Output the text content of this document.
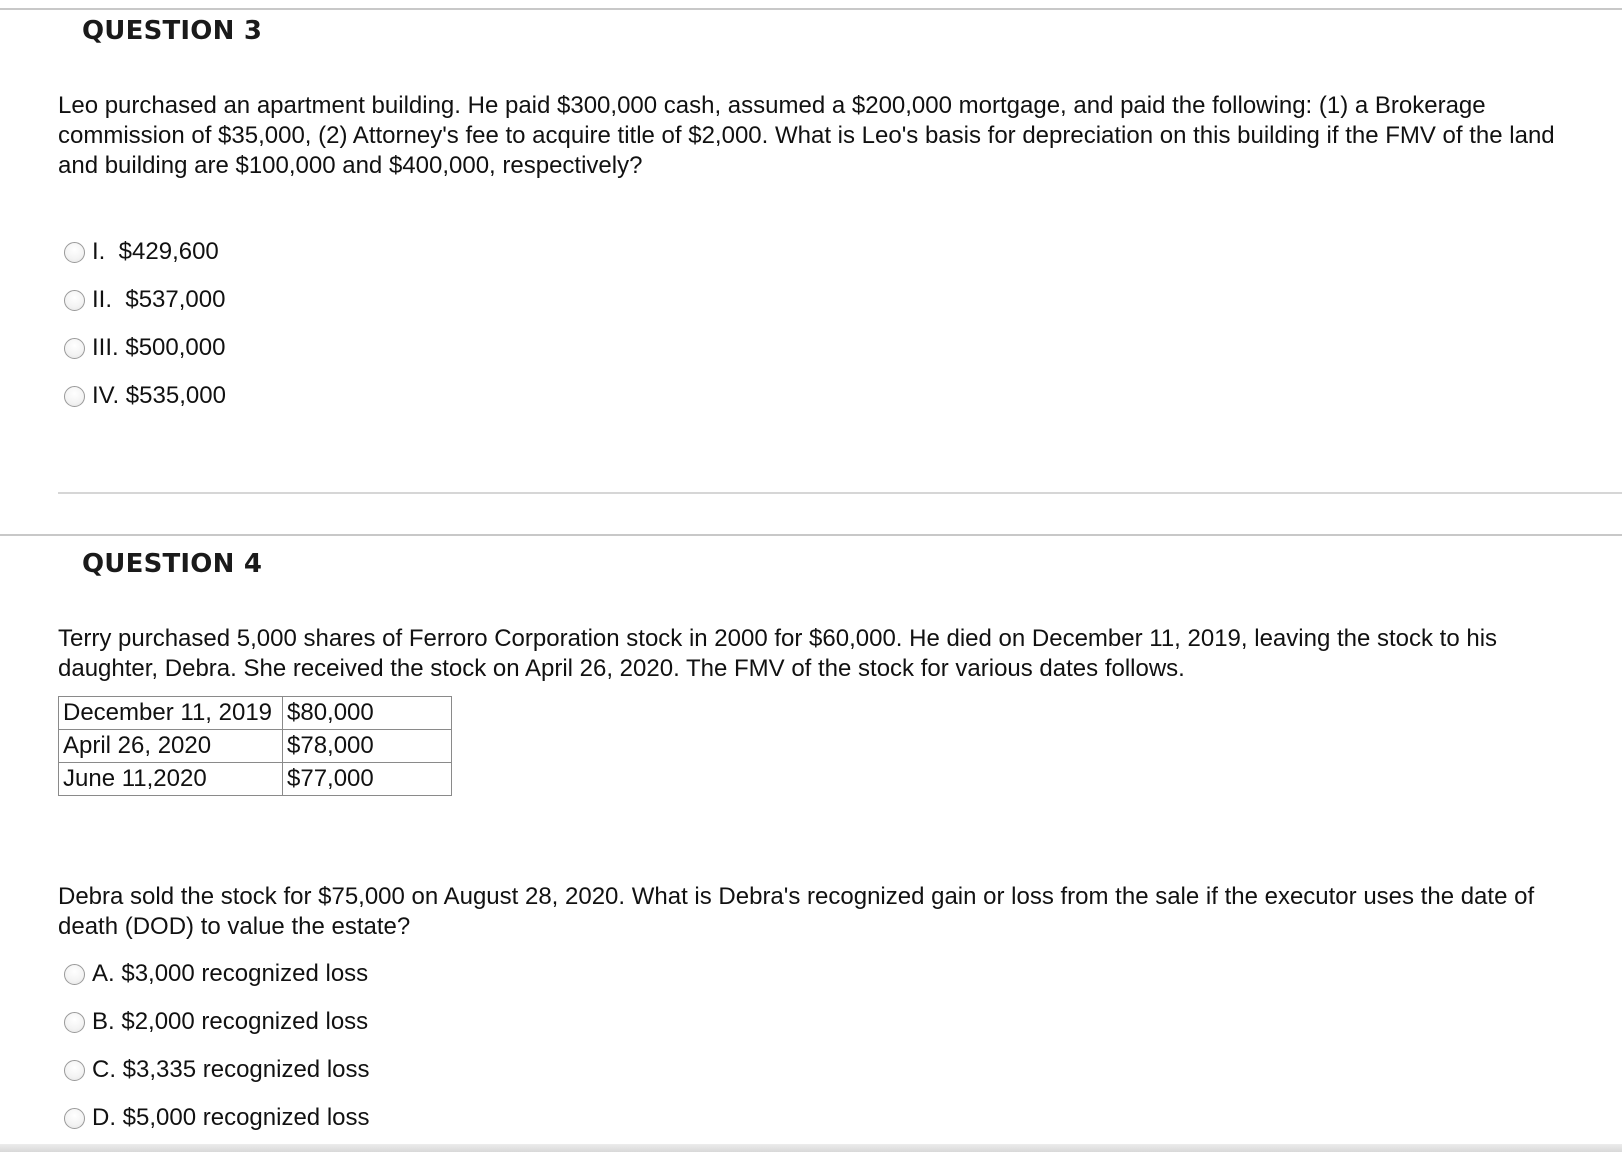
QUESTION 3

Leo purchased an apartment building. He paid $300,000 cash, assumed a $200,000 mortgage, and paid the following: (1) a Brokerage commission of $35,000, (2) Attorney's fee to acquire title of $2,000. What is Leo's basis for depreciation on this building if the FMV of the land and building are $100,000 and $400,000, respectively?

I.  $429,600
II.  $537,000
III. $500,000
IV. $535,000
QUESTION 4

Terry purchased 5,000 shares of Ferroro Corporation stock in 2000 for $60,000. He died on December 11, 2019, leaving the stock to his daughter, Debra. She received the stock on April 26, 2020. The FMV of the stock for various dates follows.

December 11, 2019	$80,000
April 26, 2020	$78,000
June 11,2020	$77,000

Debra sold the stock for $75,000 on August 28, 2020. What is Debra's recognized gain or loss from the sale if the executor uses the date of death (DOD) to value the estate?

A. $3,000 recognized loss
B. $2,000 recognized loss
C. $3,335 recognized loss
D. $5,000 recognized loss
